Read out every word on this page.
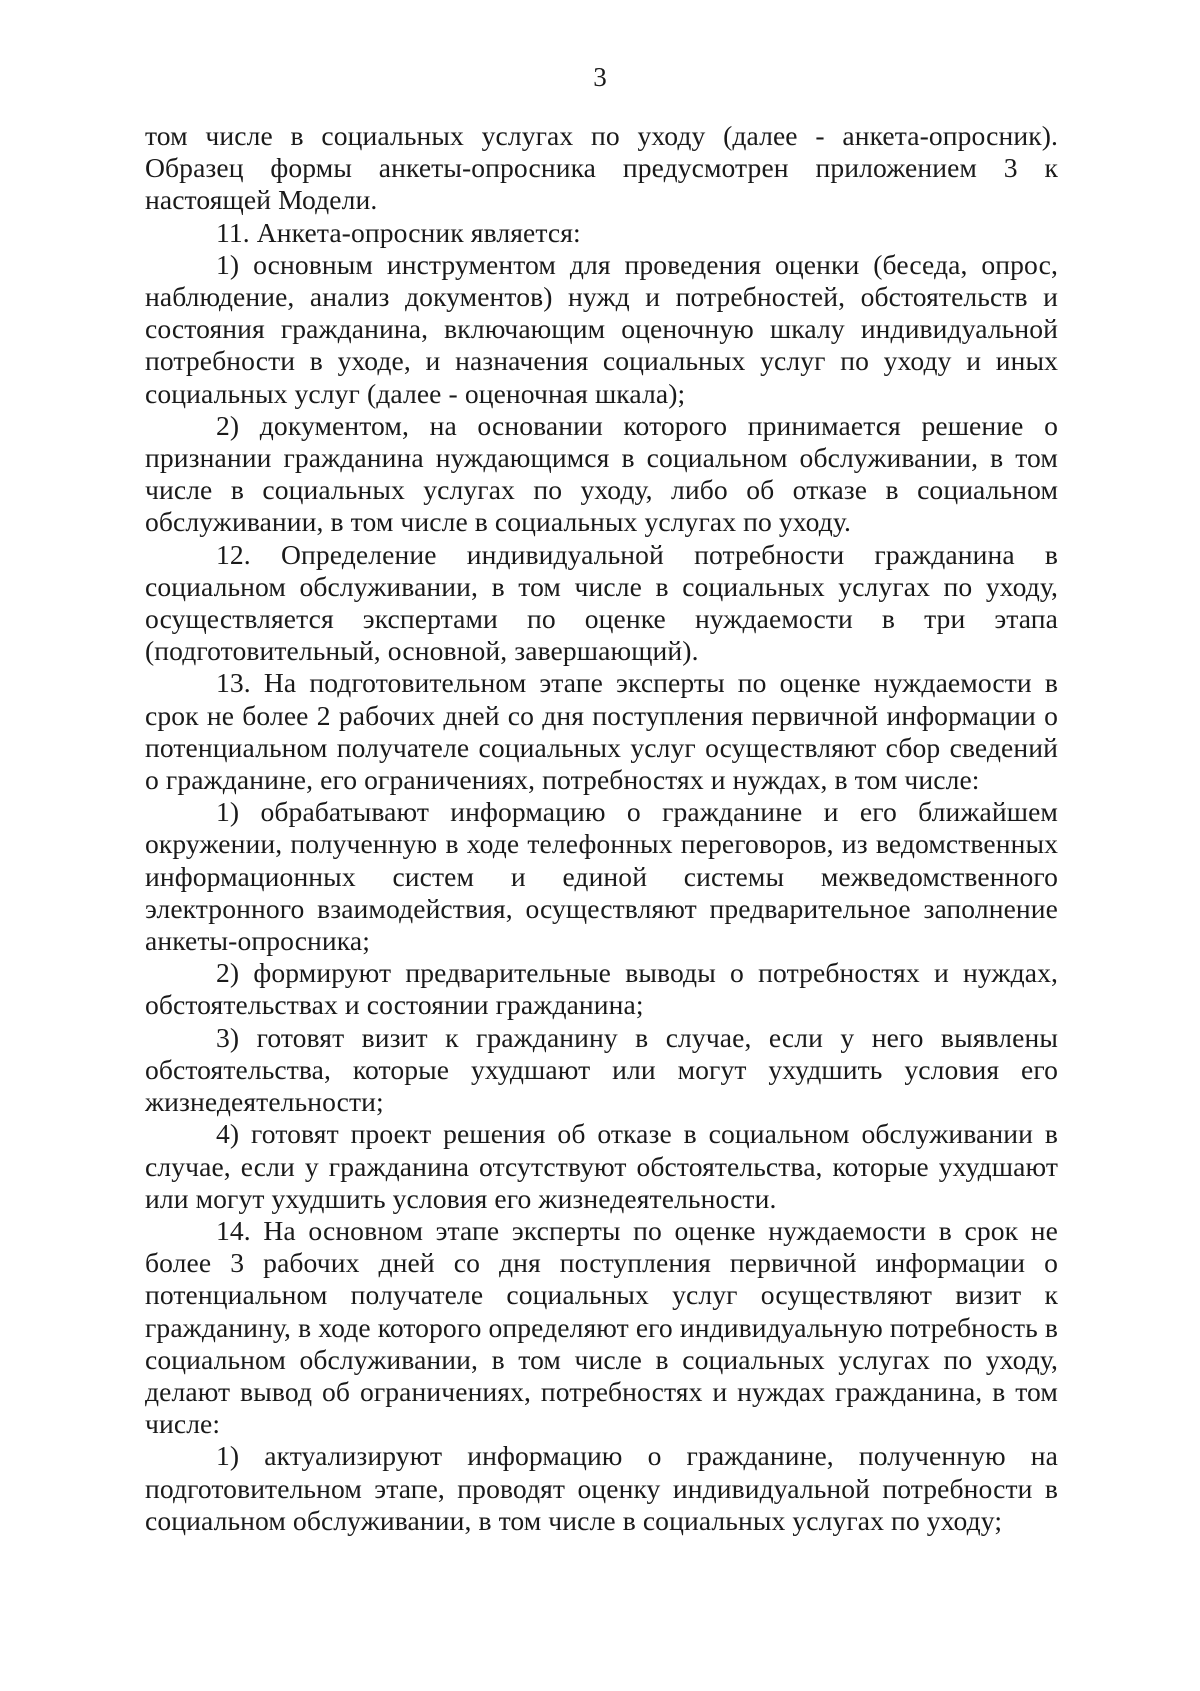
3

том числе в социальных услугах по уходу (далее - анкета-опросник). Образец формы анкеты-опросника предусмотрен приложением 3 к настоящей Модели.

11. Анкета-опросник является:

1) основным инструментом для проведения оценки (беседа, опрос, наблюдение, анализ документов) нужд и потребностей, обстоятельств и состояния гражданина, включающим оценочную шкалу индивидуальной потребности в уходе, и назначения социальных услуг по уходу и иных социальных услуг (далее - оценочная шкала);

2) документом, на основании которого принимается решение о признании гражданина нуждающимся в социальном обслуживании, в том числе в социальных услугах по уходу, либо об отказе в социальном обслуживании, в том числе в социальных услугах по уходу.

12. Определение индивидуальной потребности гражданина в социальном обслуживании, в том числе в социальных услугах по уходу, осуществляется экспертами по оценке нуждаемости в три этапа (подготовительный, основной, завершающий).

13. На подготовительном этапе эксперты по оценке нуждаемости в срок не более 2 рабочих дней со дня поступления первичной информации о потенциальном получателе социальных услуг осуществляют сбор сведений о гражданине, его ограничениях, потребностях и нуждах, в том числе:

1) обрабатывают информацию о гражданине и его ближайшем окружении, полученную в ходе телефонных переговоров, из ведомственных информационных систем и единой системы межведомственного электронного взаимодействия, осуществляют предварительное заполнение анкеты-опросника;

2) формируют предварительные выводы о потребностях и нуждах, обстоятельствах и состоянии гражданина;

3) готовят визит к гражданину в случае, если у него выявлены обстоятельства, которые ухудшают или могут ухудшить условия его жизнедеятельности;

4) готовят проект решения об отказе в социальном обслуживании в случае, если у гражданина отсутствуют обстоятельства, которые ухудшают или могут ухудшить условия его жизнедеятельности.

14. На основном этапе эксперты по оценке нуждаемости в срок не более 3 рабочих дней со дня поступления первичной информации о потенциальном получателе социальных услуг осуществляют визит к гражданину, в ходе которого определяют его индивидуальную потребность в социальном обслуживании, в том числе в социальных услугах по уходу, делают вывод об ограничениях, потребностях и нуждах гражданина, в том числе:

1) актуализируют информацию о гражданине, полученную на подготовительном этапе, проводят оценку индивидуальной потребности в социальном обслуживании, в том числе в социальных услугах по уходу;
